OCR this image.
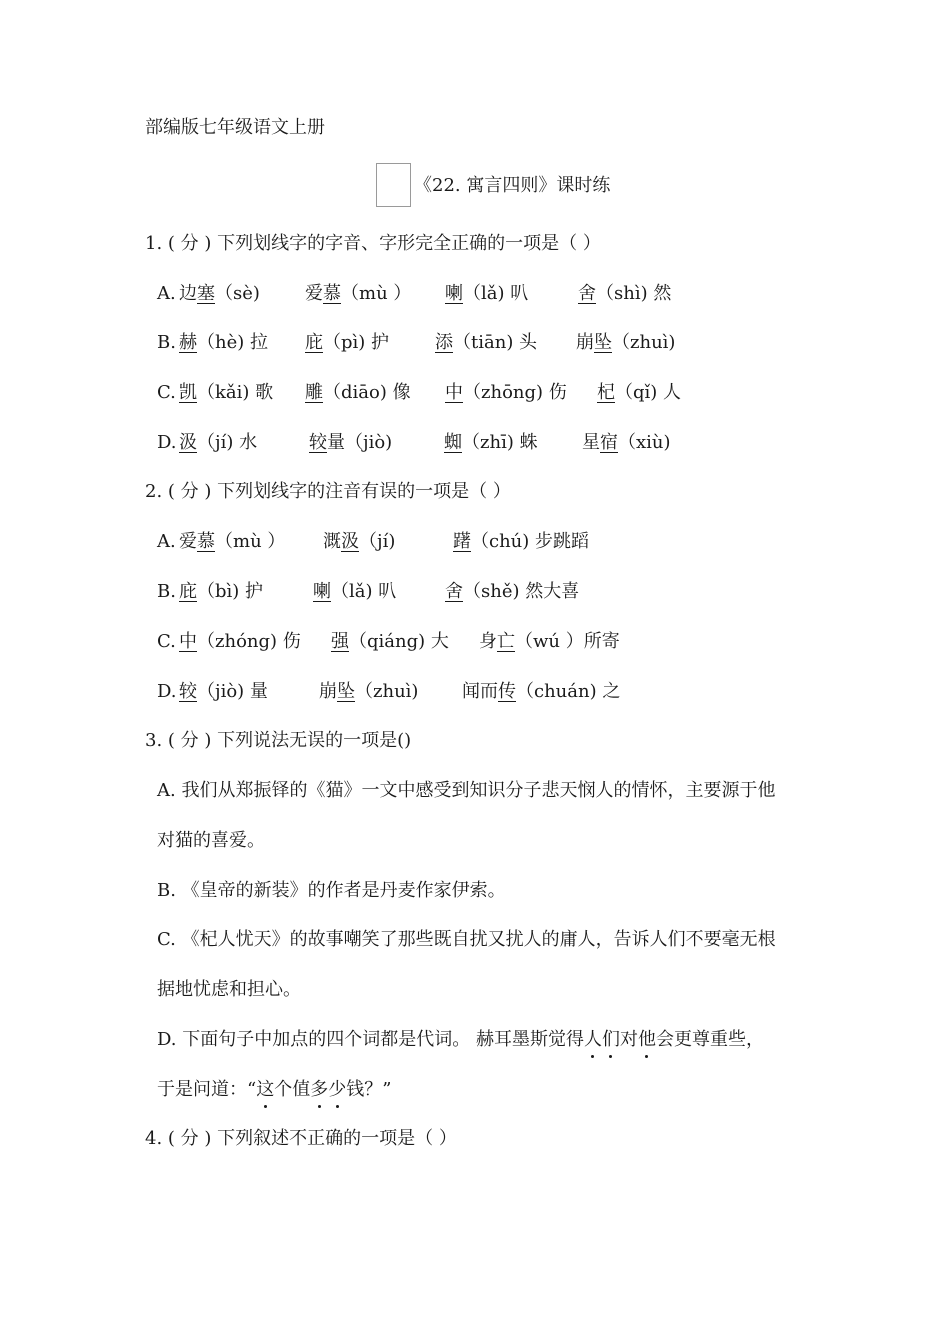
部编版七年级语文上册
《22. 寓言四则》课时练
1. ( 分 ) 下列划线字的字音、字形完全正确的一项是（ ）
A. 边塞（sè)	爱慕（mù ） 喇（lǎ) 叭	舍（shì) 然
B. 赫（hè) 拉 庇（pì) 护	添（tiān) 头 崩坠（zhuì)
C. 凯（kǎi) 歌 雕（diāo) 像 中（zhōng) 伤 杞（qǐ) 人
D. 汲（jí) 水	较量（jiò)	蜘（zhī) 蛛 星宿（xiù)
2. ( 分 ) 下列划线字的注音有误的一项是（ ）
A. 爱慕（mù ） 溉汲（jí)	躇（chú) 步跳蹈
B. 庇（bì) 护	喇（lǎ) 叭	舍（shě) 然大喜
C. 中（zhóng) 伤 强（qiáng) 大 身亡（wú ）所寄
D. 较（jiò) 量	崩坠（zhuì) 闻而传（chuán) 之
3. ( 分 ) 下列说法无误的一项是()
A. 我们从郑振铎的《猫》一文中感受到知识分子悲天悯人的情怀，主要源于他
对猫的喜爱。
B. 《皇帝的新装》的作者是丹麦作家伊索。
C. 《杞人忧天》的故事嘲笑了那些既自扰又扰人的庸人，告诉人们不要毫无根
据地忧虑和担心。
D. 下面句子中加点的四个词都是代词。 赫耳墨斯觉得人们对他会更尊重些，
于是问道：“这个值多少钱？”
4. ( 分 ) 下列叙述不正确的一项是（ ）
